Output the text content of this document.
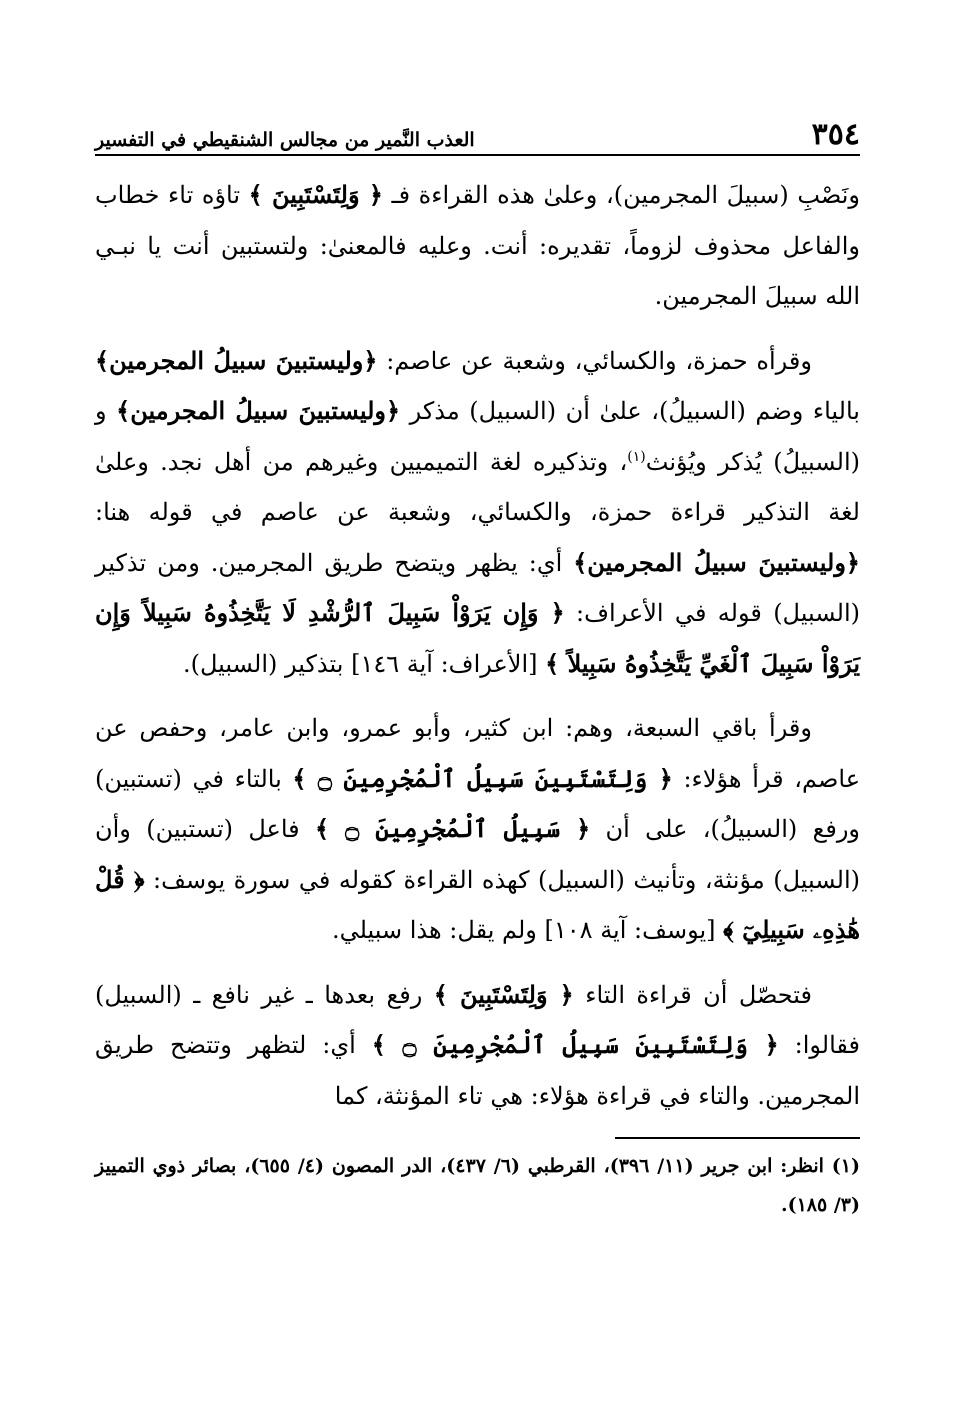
٣٥٤
العذب النَّمير من مجالس الشنقيطي في التفسير

ونَصْبِ (سبيلَ المجرمين)، وعلىٰ هذه القراءة فـ ﴿ وَلِتَسْتَبِينَ ﴾ تاؤه تاء خطاب والفاعل محذوف لزوماً، تقديره: أنت. وعليه فالمعنىٰ: ولتستبين أنت يا نبـي الله سبيلَ المجرمين.

وقرأه حمزة، والكسائي، وشعبة عن عاصم: ﴿وليستبينَ سبيلُ المجرمين﴾ بالياء وضم (السبيلُ)، علىٰ أن (السبيل) مذكر ﴿وليستبينَ سبيلُ المجرمين﴾ و (السبيلُ) يُذكر ويُؤنث$^{(١)}$، وتذكيره لغة التميميين وغيرهم من أهل نجد. وعلىٰ لغة التذكير قراءة حمزة، والكسائي، وشعبة عن عاصم في قوله هنا: ﴿وليستبينَ سبيلُ المجرمين﴾ أي: يظهر ويتضح طريق المجرمين. ومن تذكير (السبيل) قوله في الأعراف: ﴿ وَإِن يَرَوْاْ سَبِيلَ ٱلرُّشْدِ لَا يَتَّخِذُوهُ سَبِيلاً وَإِن يَرَوْاْ سَبِيلَ ٱلْغَيِّ يَتَّخِذُوهُ سَبِيلاً ﴾ [الأعراف: آية ١٤٦] بتذكير (السبيل).

وقرأ باقي السبعة، وهم: ابن كثير، وأبو عمرو، وابن عامر، وحفص عن عاصم، قرأ هؤلاء: ﴿ وَلِتَسْتَبِينَ سَبِيلُ ٱلْمُجْرِمِينَ ۝ ﴾ بالتاء في (تستبين) ورفع (السبيلُ)، على أن ﴿ سَبِيلُ ٱلْمُجْرِمِينَ ۝ ﴾ فاعل (تستبين) وأن (السبيل) مؤنثة، وتأنيث (السبيل) كهذه القراءة كقوله في سورة يوسف: ﴿ قُلْ هَٰذِهِۦ سَبِيلِيٓ ﴾ [يوسف: آية ١٠٨] ولم يقل: هذا سبيلي.

فتحصّل أن قراءة التاء ﴿ وَلِتَسْتَبِينَ ﴾ رفع بعدها ـ غير نافع ـ (السبيل) فقالوا: ﴿ وَلِتَسْتَبِينَ سَبِيلُ ٱلْمُجْرِمِينَ ۝ ﴾ أي: لتظهر وتتضح طريق المجرمين. والتاء في قراءة هؤلاء: هي تاء المؤنثة، كما

(١) انظر: ابن جرير (١١/ ٣٩٦)، القرطبي (٦/ ٤٣٧)، الدر المصون (٤/ ٦٥٥)، بصائر ذوي التمييز (٣/ ١٨٥).
